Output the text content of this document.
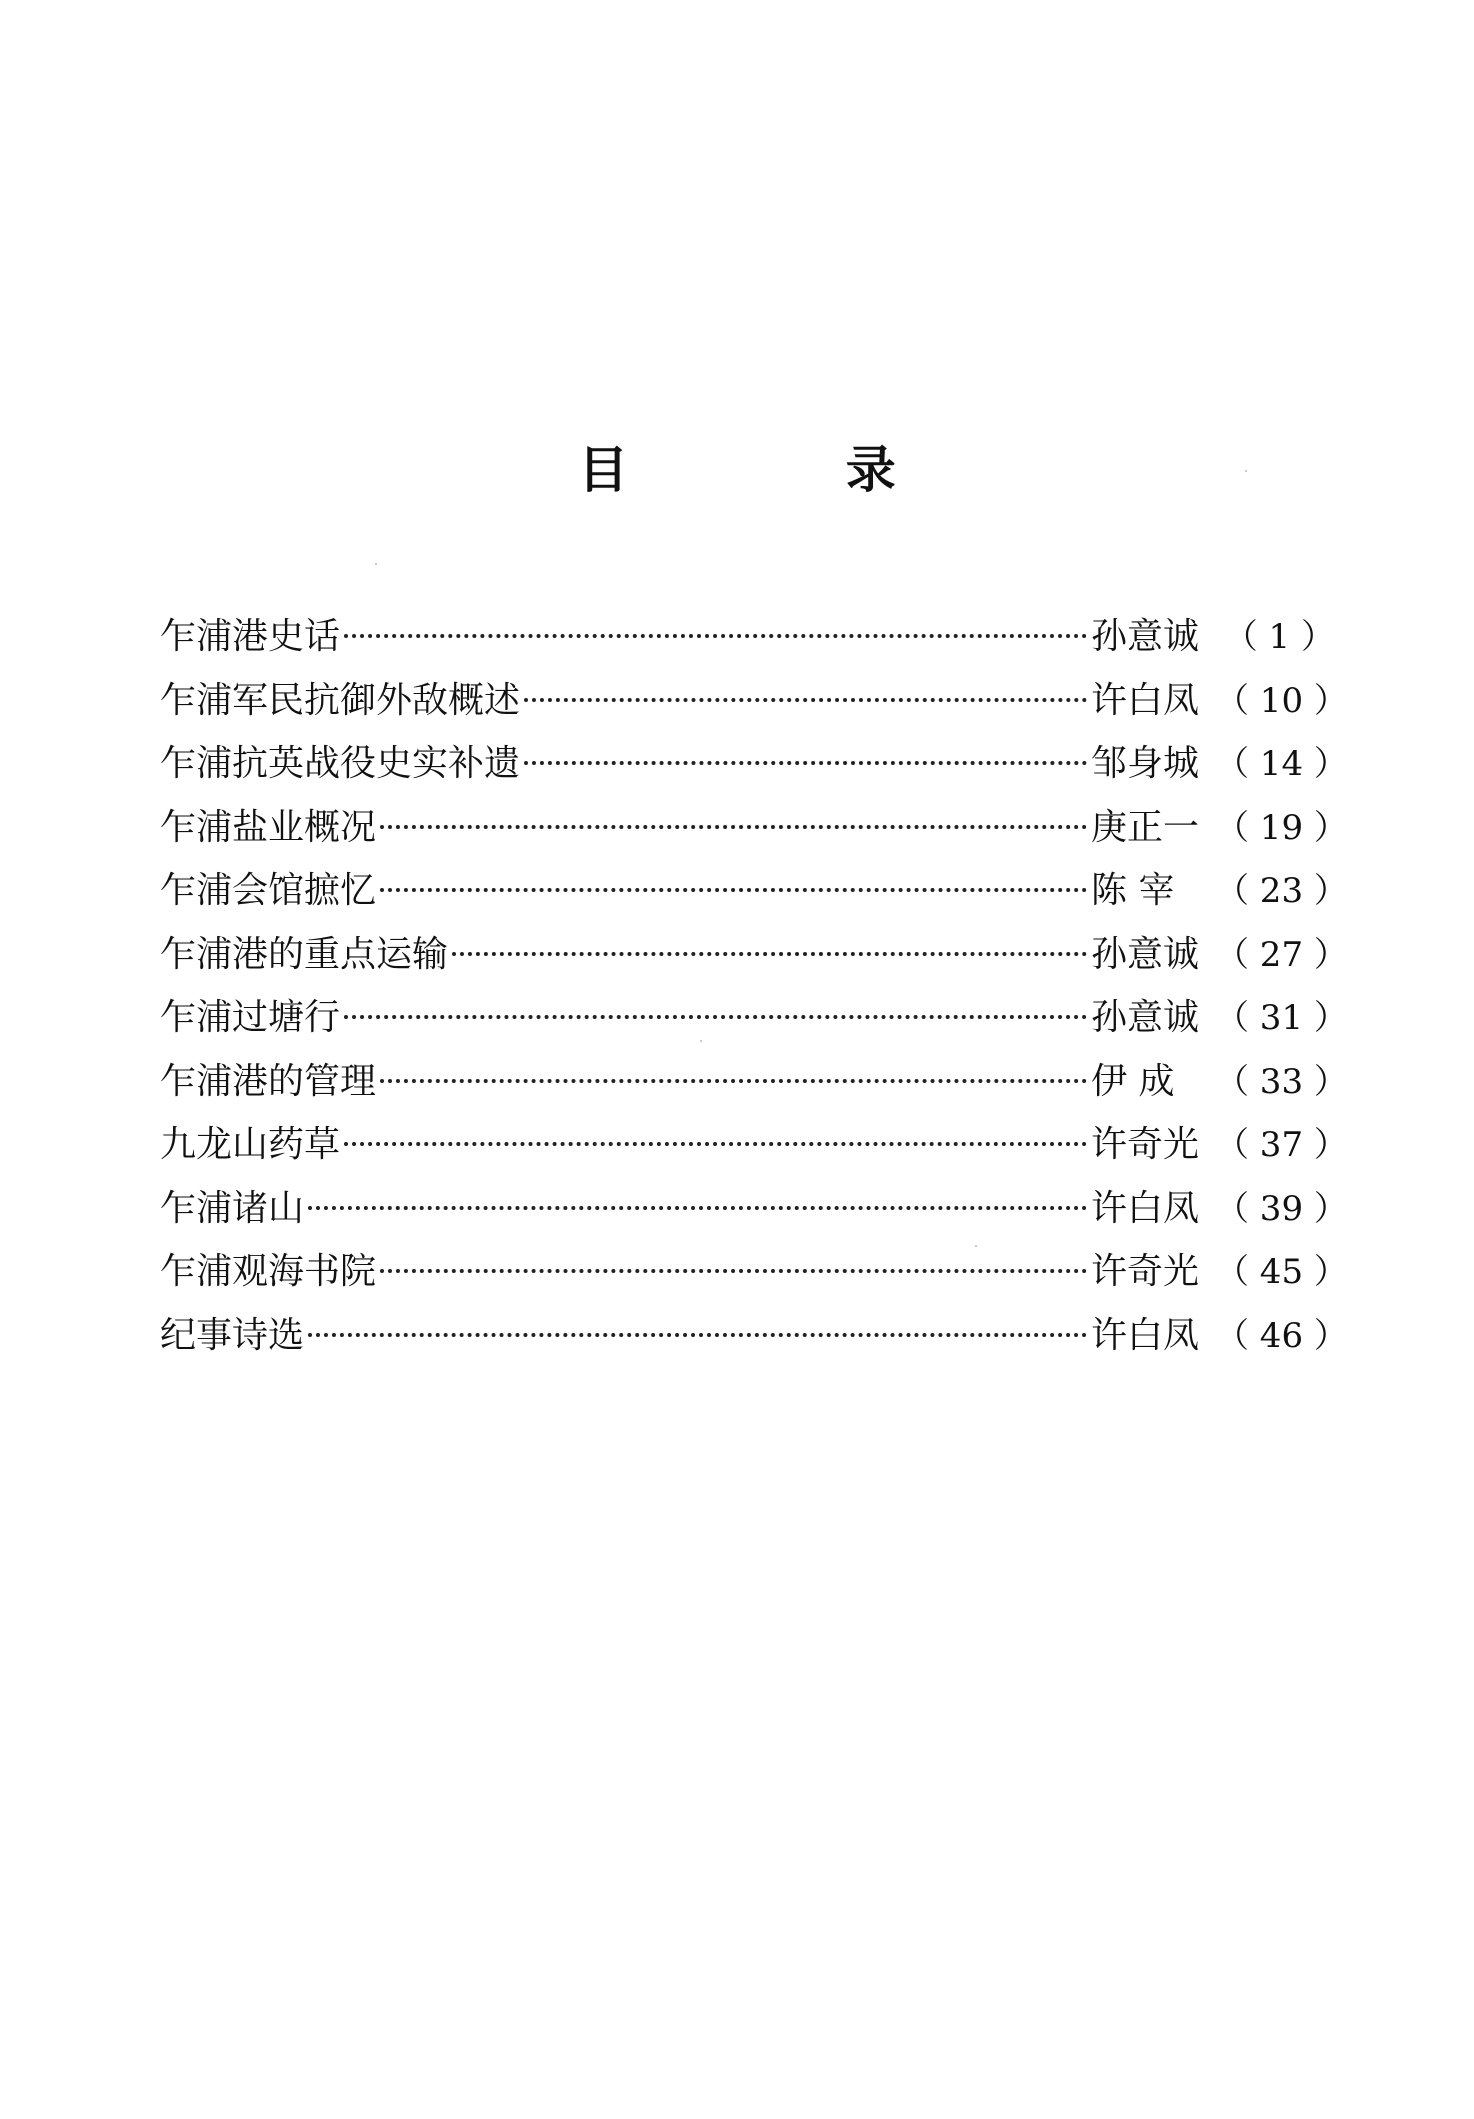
目 录
乍浦港史话	孙意诚 （ 1 ）
乍浦军民抗御外敌概述	许白凤 （ 10 ）
乍浦抗英战役史实补遗	邹身城 （ 14 ）
乍浦盐业概况	庚正一 （ 19 ）
乍浦会馆摭忆	陈 宰	（ 23 ）
乍浦港的重点运输	孙意诚 （ 27 ）
乍浦过塘行	孙意诚 （ 31 ）
乍浦港的管理	伊 成	（ 33 ）
九龙山药草	许奇光 （ 37 ）
乍浦诸山	许白凤 （ 39 ）
乍浦观海书院	许奇光 （ 45 ）
纪事诗选	许白凤 （ 46 ）
